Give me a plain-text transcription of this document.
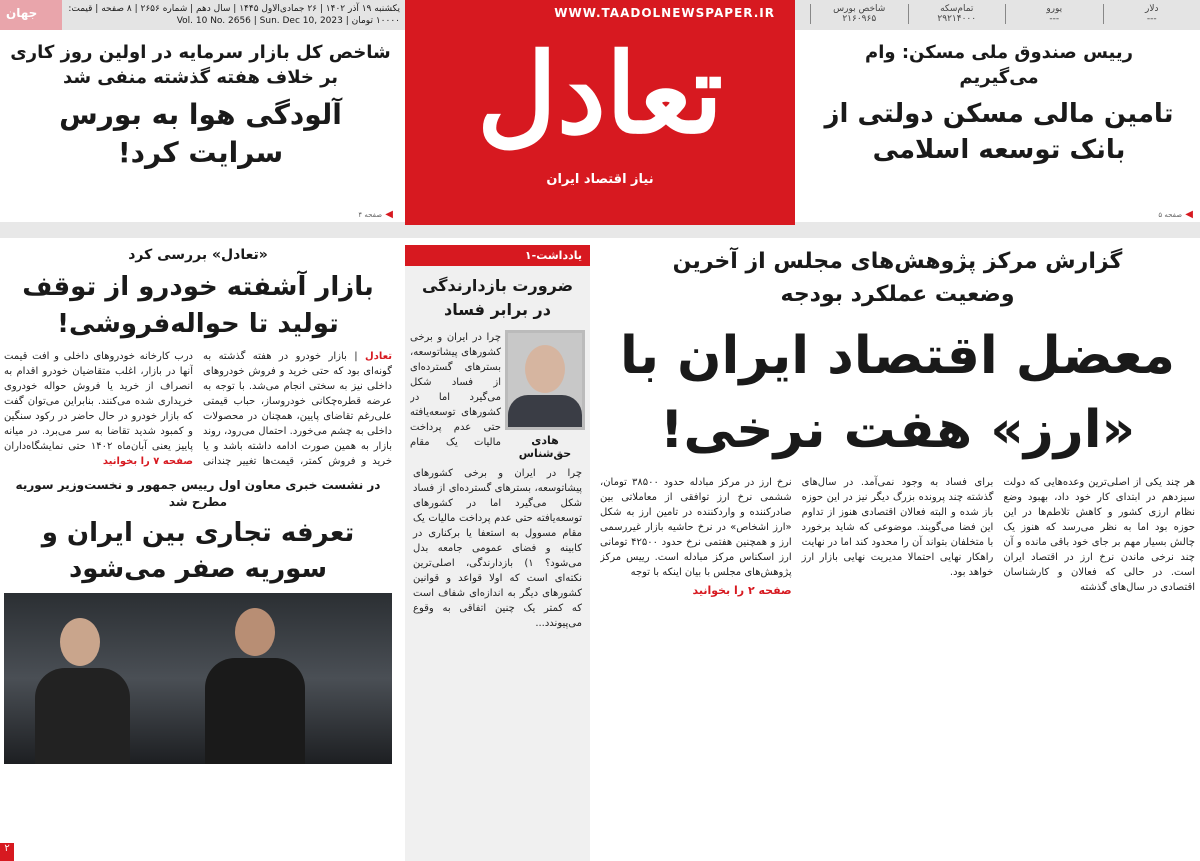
جهان	یکشنبه ۱۹ آذر ۱۴۰۲ | ۲۶ جمادی‌الاول ۱۴۴۵ | سال دهم | شماره ۲۶۵۶ | ۸ صفحه | قیمت: ۱۰۰۰۰ تومان | Vol. 10 No. 2656 | Sun. Dec 10, 2023
دلار
---
یورو
---
تمام‌سکه
۲۹۲۱۴۰۰۰
شاخص بورس
۲۱۶۰۹۶۵
WWW.TAADOLNEWSPAPER.IR
تعادل
نیاز اقتصاد ایران
شاخص کل بازار سرمایه در اولین روز کاری بر خلاف هفته گذشته منفی شد
آلودگی هوا به بورس سرایت کرد!
صفحه ۴ ◀
رییس صندوق ملی مسکن: وام می‌گیریم
تامین مالی مسکن دولتی از بانک توسعه اسلامی
صفحه ۵ ◀
گزارش مرکز پژوهش‌های مجلس از آخرین وضعیت عملکرد بودجه
معضل اقتصاد ایران با «ارز» هفت نرخی!
هر چند یکی از اصلی‌ترین وعده‌هایی که دولت سیزدهم در ابتدای کار خود داد، بهبود وضع نظام ارزی کشور و کاهش تلاطم‌ها در این حوزه بود اما به نظر می‌رسد که هنوز یک چالش بسیار مهم بر جای خود باقی مانده و آن چند نرخی ماندن نرخ ارز در اقتصاد ایران است. در حالی که فعالان و کارشناسان اقتصادی در سال‌های گذشته
برای فساد به وجود نمی‌آمد. در سال‌های گذشته چند پرونده بزرگ دیگر نیز در این حوزه باز شده و البته فعالان اقتصادی هنوز از تداوم این فضا می‌گویند. موضوعی که شاید برخورد با متخلفان بتواند آن را محدود کند اما در نهایت راهکار نهایی احتمالا مدیریت نهایی بازار ارز خواهد بود.
نرخ ارز در مرکز مبادله حدود ۳۸۵۰۰ تومان، ششمی نرخ ارز توافقی از معاملاتی بین صادرکننده و واردکننده در تامین ارز به شکل «ارز اشخاص» در نرخ حاشیه بازار غیررسمی ارز و همچنین هفتمی نرخ حدود ۴۲۵۰۰ تومانی ارز اسکناس مرکز مبادله است. رییس مرکز پژوهش‌های مجلس با بیان اینکه با توجه
صفحه ۲ را بخوانید
یادداشت-۱
ضرورت بازدارندگی در برابر فساد
هادی حق‌شناس
چرا در ایران و برخی کشورهای پیشاتوسعه، بسترهای گسترده‌ای از فساد شکل می‌گیرد اما در کشورهای توسعه‌یافته حتی عدم پرداخت مالیات یک مقام
چرا در ایران و برخی کشورهای پیشاتوسعه، بسترهای گسترده‌ای از فساد شکل می‌گیرد اما در کشورهای توسعه‌یافته حتی عدم پرداخت مالیات یک مقام مسوول به استعفا یا برکناری در کابینه و فضای عمومی جامعه بدل می‌شود؟ ۱) بازدارندگی، اصلی‌ترین نکته‌ای است که اولا قواعد و قوانین کشورهای دیگر به اندازه‌ای شفاف است که کمتر یک چنین اتفاقی به وقوع می‌پیوندد...
«تعادل» بررسی کرد
بازار آشفته خودرو از توقف تولید تا حواله‌فروشی!
تعادل | بازار خودرو در هفته گذشته به گونه‌ای بود که حتی خرید و فروش خودروهای داخلی نیز به سختی انجام می‌شد. با توجه به عرضه قطره‌چکانی خودروساز، حباب قیمتی علی‌رغم تقاضای پایین، همچنان در محصولات داخلی به چشم می‌خورد. احتمال می‌رود، روند بازار به همین صورت ادامه داشته باشد و یا خرید و فروش کمتر، قیمت‌ها تغییر چندانی
درب کارخانه خودروهای داخلی و افت قیمت آنها در بازار، اغلب متقاضیان خودرو اقدام به انصراف از خرید یا فروش حواله خودروی خریداری شده می‌کنند. بنابراین می‌توان گفت که بازار خودرو در حال حاضر در رکود سنگین و کمبود شدید تقاضا به سر می‌برد. در میانه پاییز یعنی آبان‌ماه ۱۴۰۲ حتی نمایشگاه‌داران
صفحه ۷ را بخوانید
در نشست خبری معاون اول رییس جمهور و نخست‌وزیر سوریه مطرح شد
تعرفه تجاری بین ایران و سوریه صفر می‌شود
۲
